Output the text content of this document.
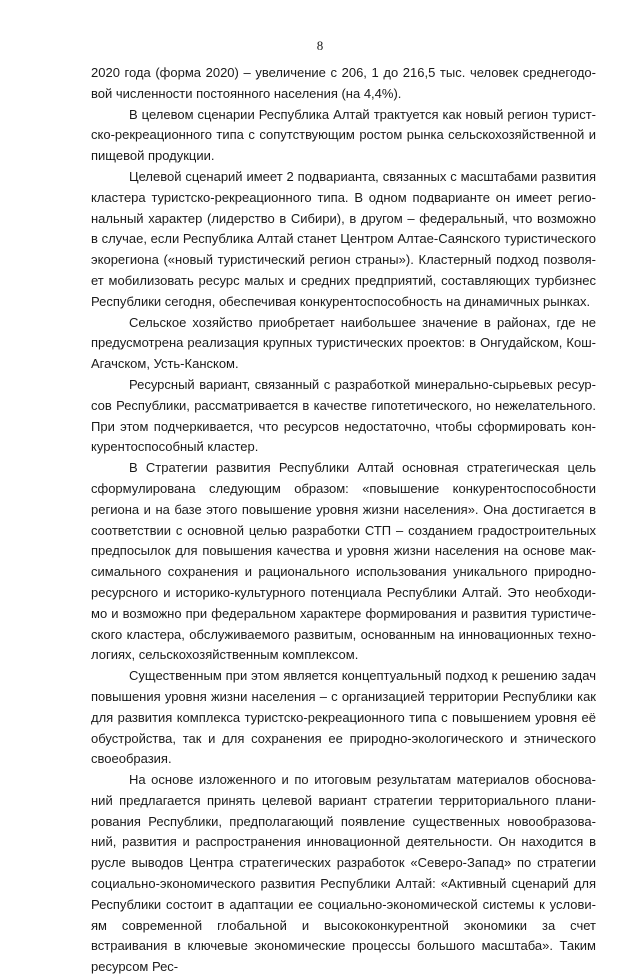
8

2020 года (форма 2020) – увеличение с 206, 1 до 216,5 тыс. человек среднегодовой численности постоянного населения (на 4,4%).

В целевом сценарии Республика Алтай трактуется как новый регион туристско-рекреационного типа с сопутствующим ростом рынка сельскохозяйственной и пищевой продукции.

Целевой сценарий имеет 2 подварианта, связанных с масштабами развития кластера туристско-рекреационного типа. В одном подварианте он имеет региональный характер (лидерство в Сибири), в другом – федеральный, что возможно в случае, если Республика Алтай станет Центром Алтае-Саянского туристического экорегиона («новый туристический регион страны»). Кластерный подход позволяет мобилизовать ресурс малых и средних предприятий, составляющих турбизнес Республики сегодня, обеспечивая конкурентоспособность на динамичных рынках.

Сельское хозяйство приобретает наибольшее значение в районах, где не предусмотрена реализация крупных туристических проектов: в Онгудайском, Кош-Агачском, Усть-Канском.

Ресурсный вариант, связанный с разработкой минерально-сырьевых ресурсов Республики, рассматривается в качестве гипотетического, но нежелательного. При этом подчеркивается, что ресурсов недостаточно, чтобы сформировать конкурентоспособный кластер.

В Стратегии развития Республики Алтай основная стратегическая цель сформулирована следующим образом: «повышение конкурентоспособности региона и на базе этого повышение уровня жизни населения». Она достигается в соответствии с основной целью разработки СТП – созданием градостроительных предпосылок для повышения качества и уровня жизни населения на основе максимального сохранения и рационального использования уникального природно-ресурсного и историко-культурного потенциала Республики Алтай. Это необходимо и возможно при федеральном характере формирования и развития туристического кластера, обслуживаемого развитым, основанным на инновационных технологиях, сельскохозяйственным комплексом.

Существенным при этом является концептуальный подход к решению задач повышения уровня жизни населения – с организацией территории Республики как для развития комплекса туристско-рекреационного типа с повышением уровня её обустройства, так и для сохранения ее природно-экологического и этнического своеобразия.

На основе изложенного и по итоговым результатам материалов обоснований предлагается принять целевой вариант стратегии территориального планирования Республики, предполагающий появление существенных новообразований, развития и распространения инновационной деятельности. Он находится в русле выводов Центра стратегических разработок «Северо-Запад» по стратегии социально-экономического развития Республики Алтай: «Активный сценарий для Республики состоит в адаптации ее социально-экономической системы к условиям современной глобальной и высококонкурентной экономики за счет встраивания в ключевые экономические процессы большого масштаба». Таким ресурсом Рес-
